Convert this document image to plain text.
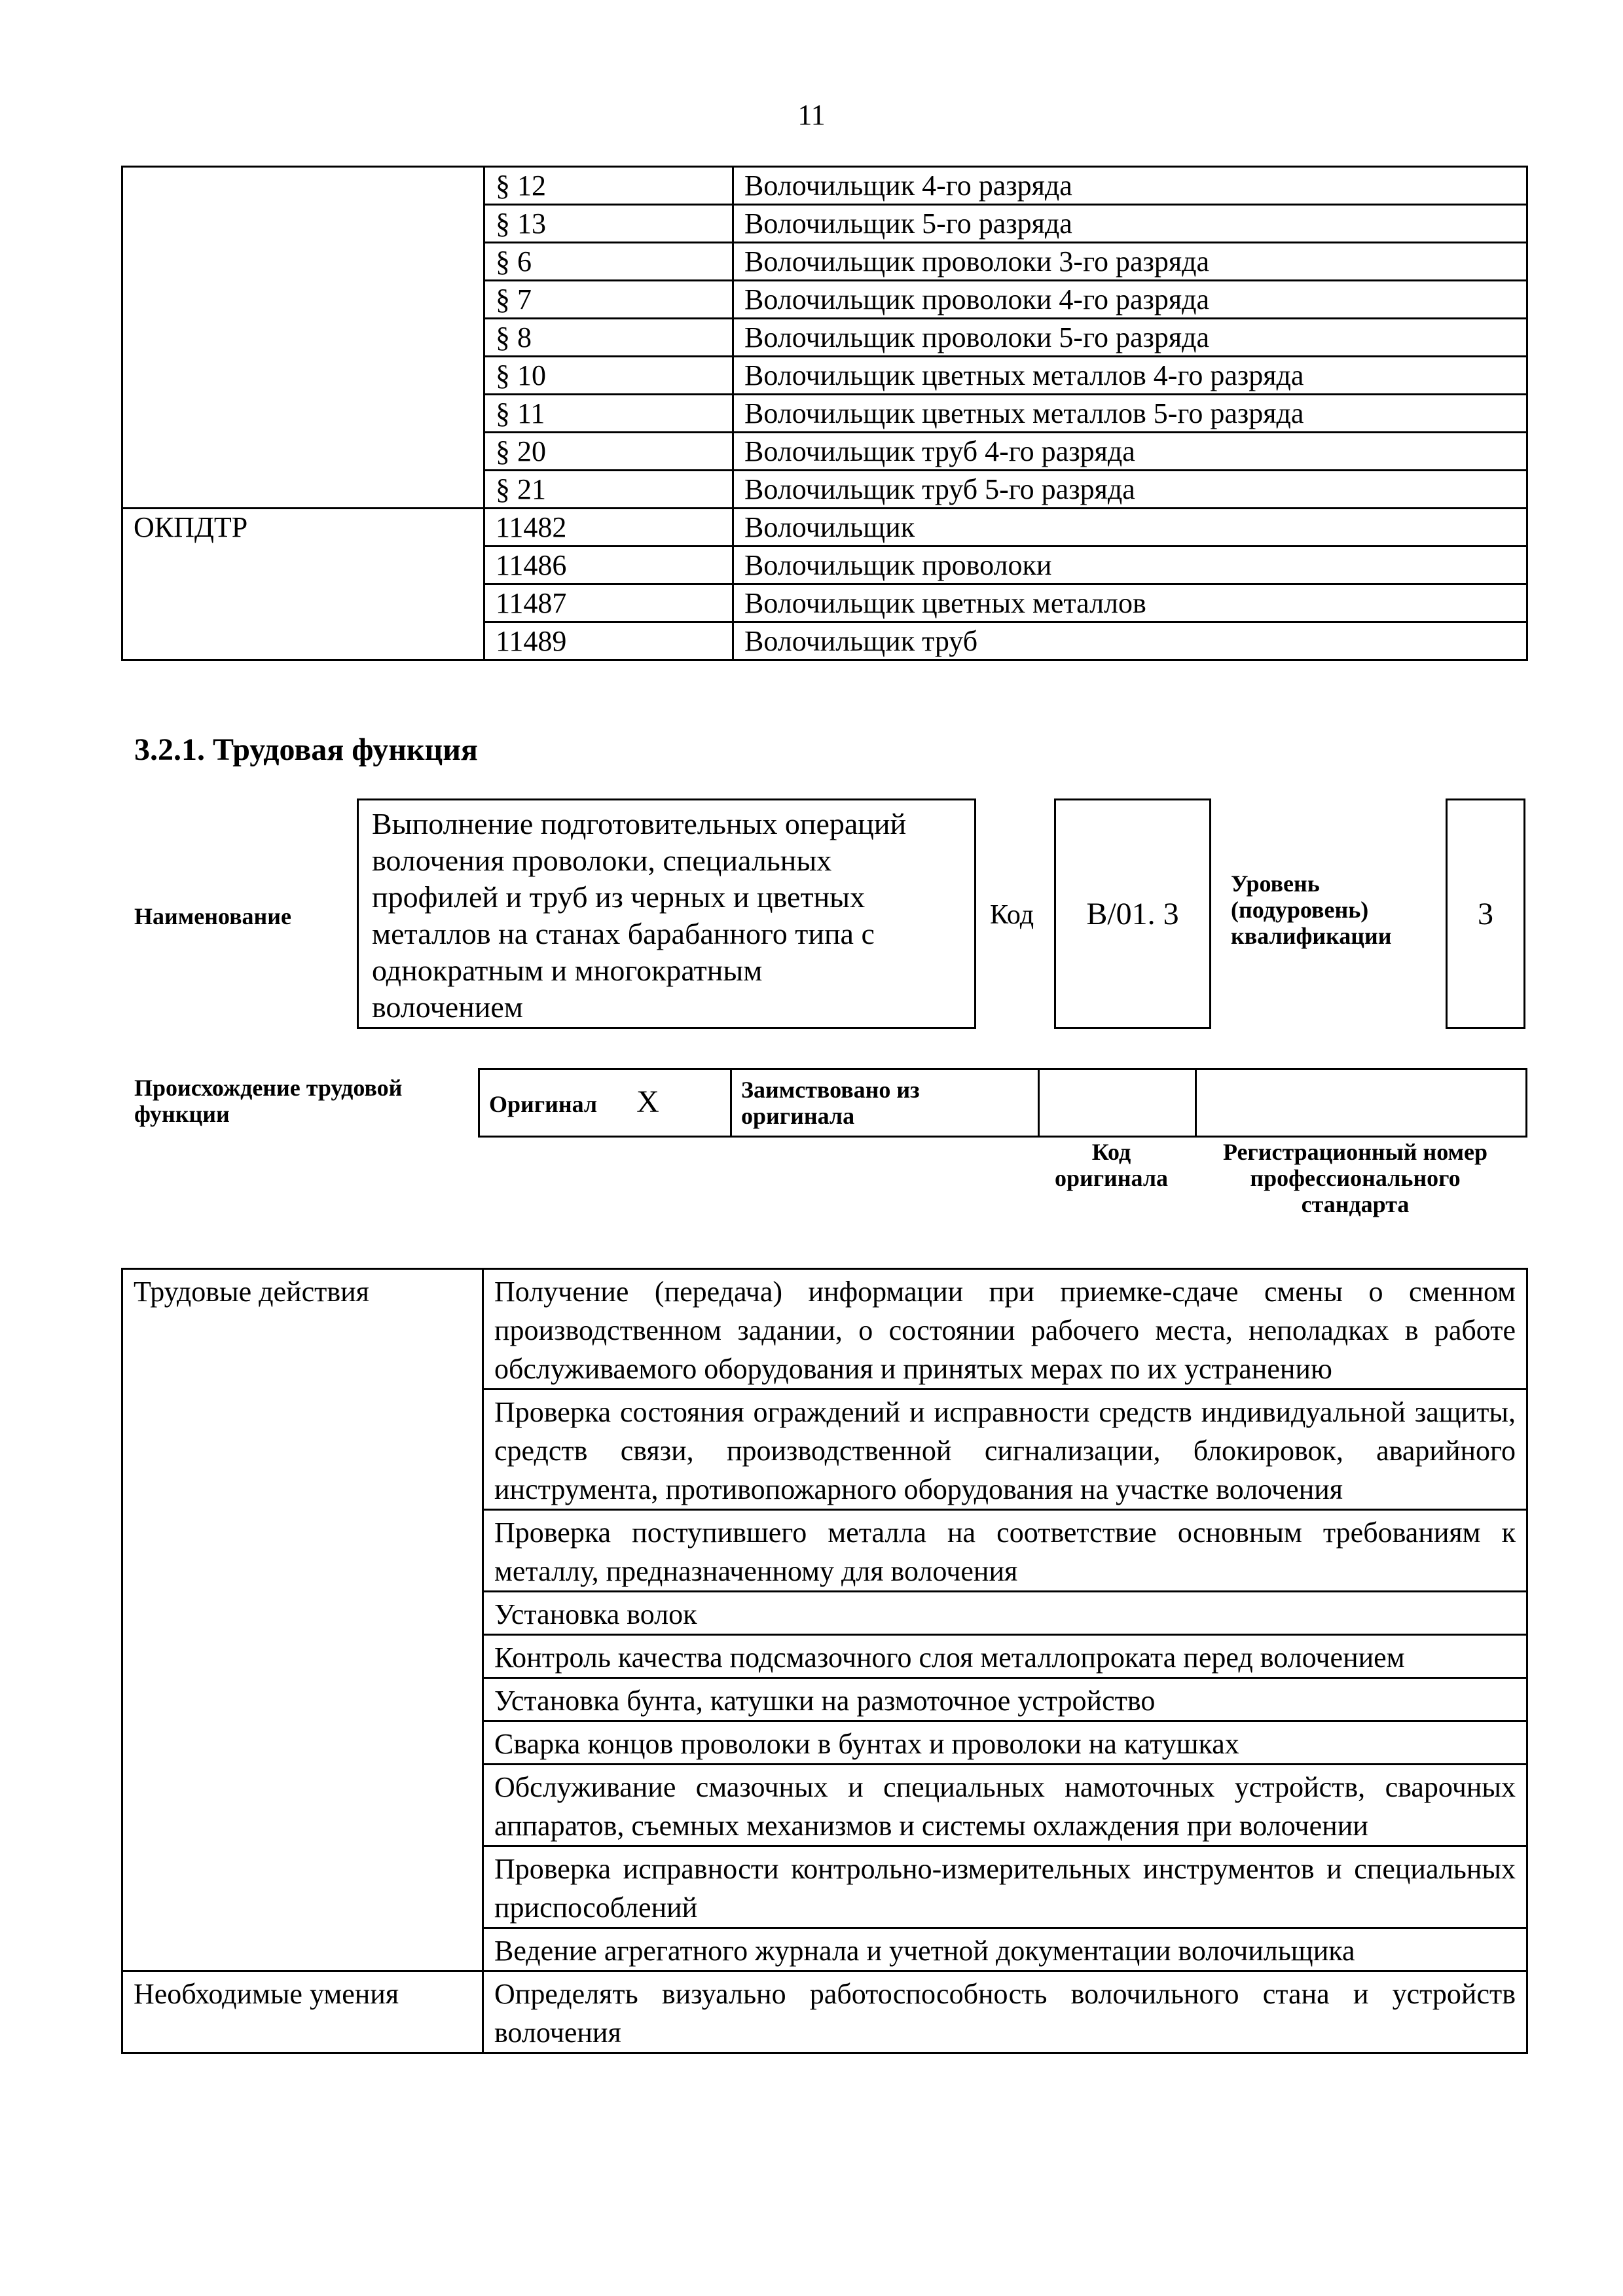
11
	§ 12	Волочильщик 4-го разряда
	§ 13	Волочильщик 5-го разряда
	§ 6	Волочильщик проволоки 3-го разряда
	§ 7	Волочильщик проволоки 4-го разряда
	§ 8	Волочильщик проволоки 5-го разряда
	§ 10	Волочильщик цветных металлов 4-го разряда
	§ 11	Волочильщик цветных металлов 5-го разряда
	§ 20	Волочильщик труб 4-го разряда
	§ 21	Волочильщик труб 5-го разряда
ОКПДТР	11482	Волочильщик
	11486	Волочильщик проволоки
	11487	Волочильщик цветных металлов
	11489	Волочильщик труб
3.2.1. Трудовая функция
Наименование
Выполнение подготовительных операций
волочения проволоки, специальных
профилей и труб из черных и цветных
металлов на станах барабанного типа с
однократным и многократным
волочением
Код B/01. 3
Уровень
(подуровень)
квалификации
3
Происхождение трудовой
функции	Оригинал X	Заимствовано из
оригинала

Код
оригинала
Регистрационный номер
профессионального
стандарта
Трудовые действия	Получение (передача) информации при приемке-сдаче смены о сменном производственном задании, о состоянии рабочего места, неполадках в работе обслуживаемого оборудования и принятых мерах по их устранению
	Проверка состояния ограждений и исправности средств индивидуальной защиты, средств связи, производственной сигнализации, блокировок, аварийного инструмента, противопожарного оборудования на участке волочения
	Проверка поступившего металла на соответствие основным требованиям к металлу, предназначенному для волочения
	Установка волок
	Контроль качества подсмазочного слоя металлопроката перед волочением
	Установка бунта, катушки на размоточное устройство
	Сварка концов проволоки в бунтах и проволоки на катушках
	Обслуживание смазочных и специальных намоточных устройств, сварочных аппаратов, съемных механизмов и системы охлаждения при волочении
	Проверка исправности контрольно-измерительных инструментов и специальных приспособлений
	Ведение агрегатного журнала и учетной документации волочильщика
Необходимые умения	Определять визуально работоспособность волочильного стана и устройств волочения
